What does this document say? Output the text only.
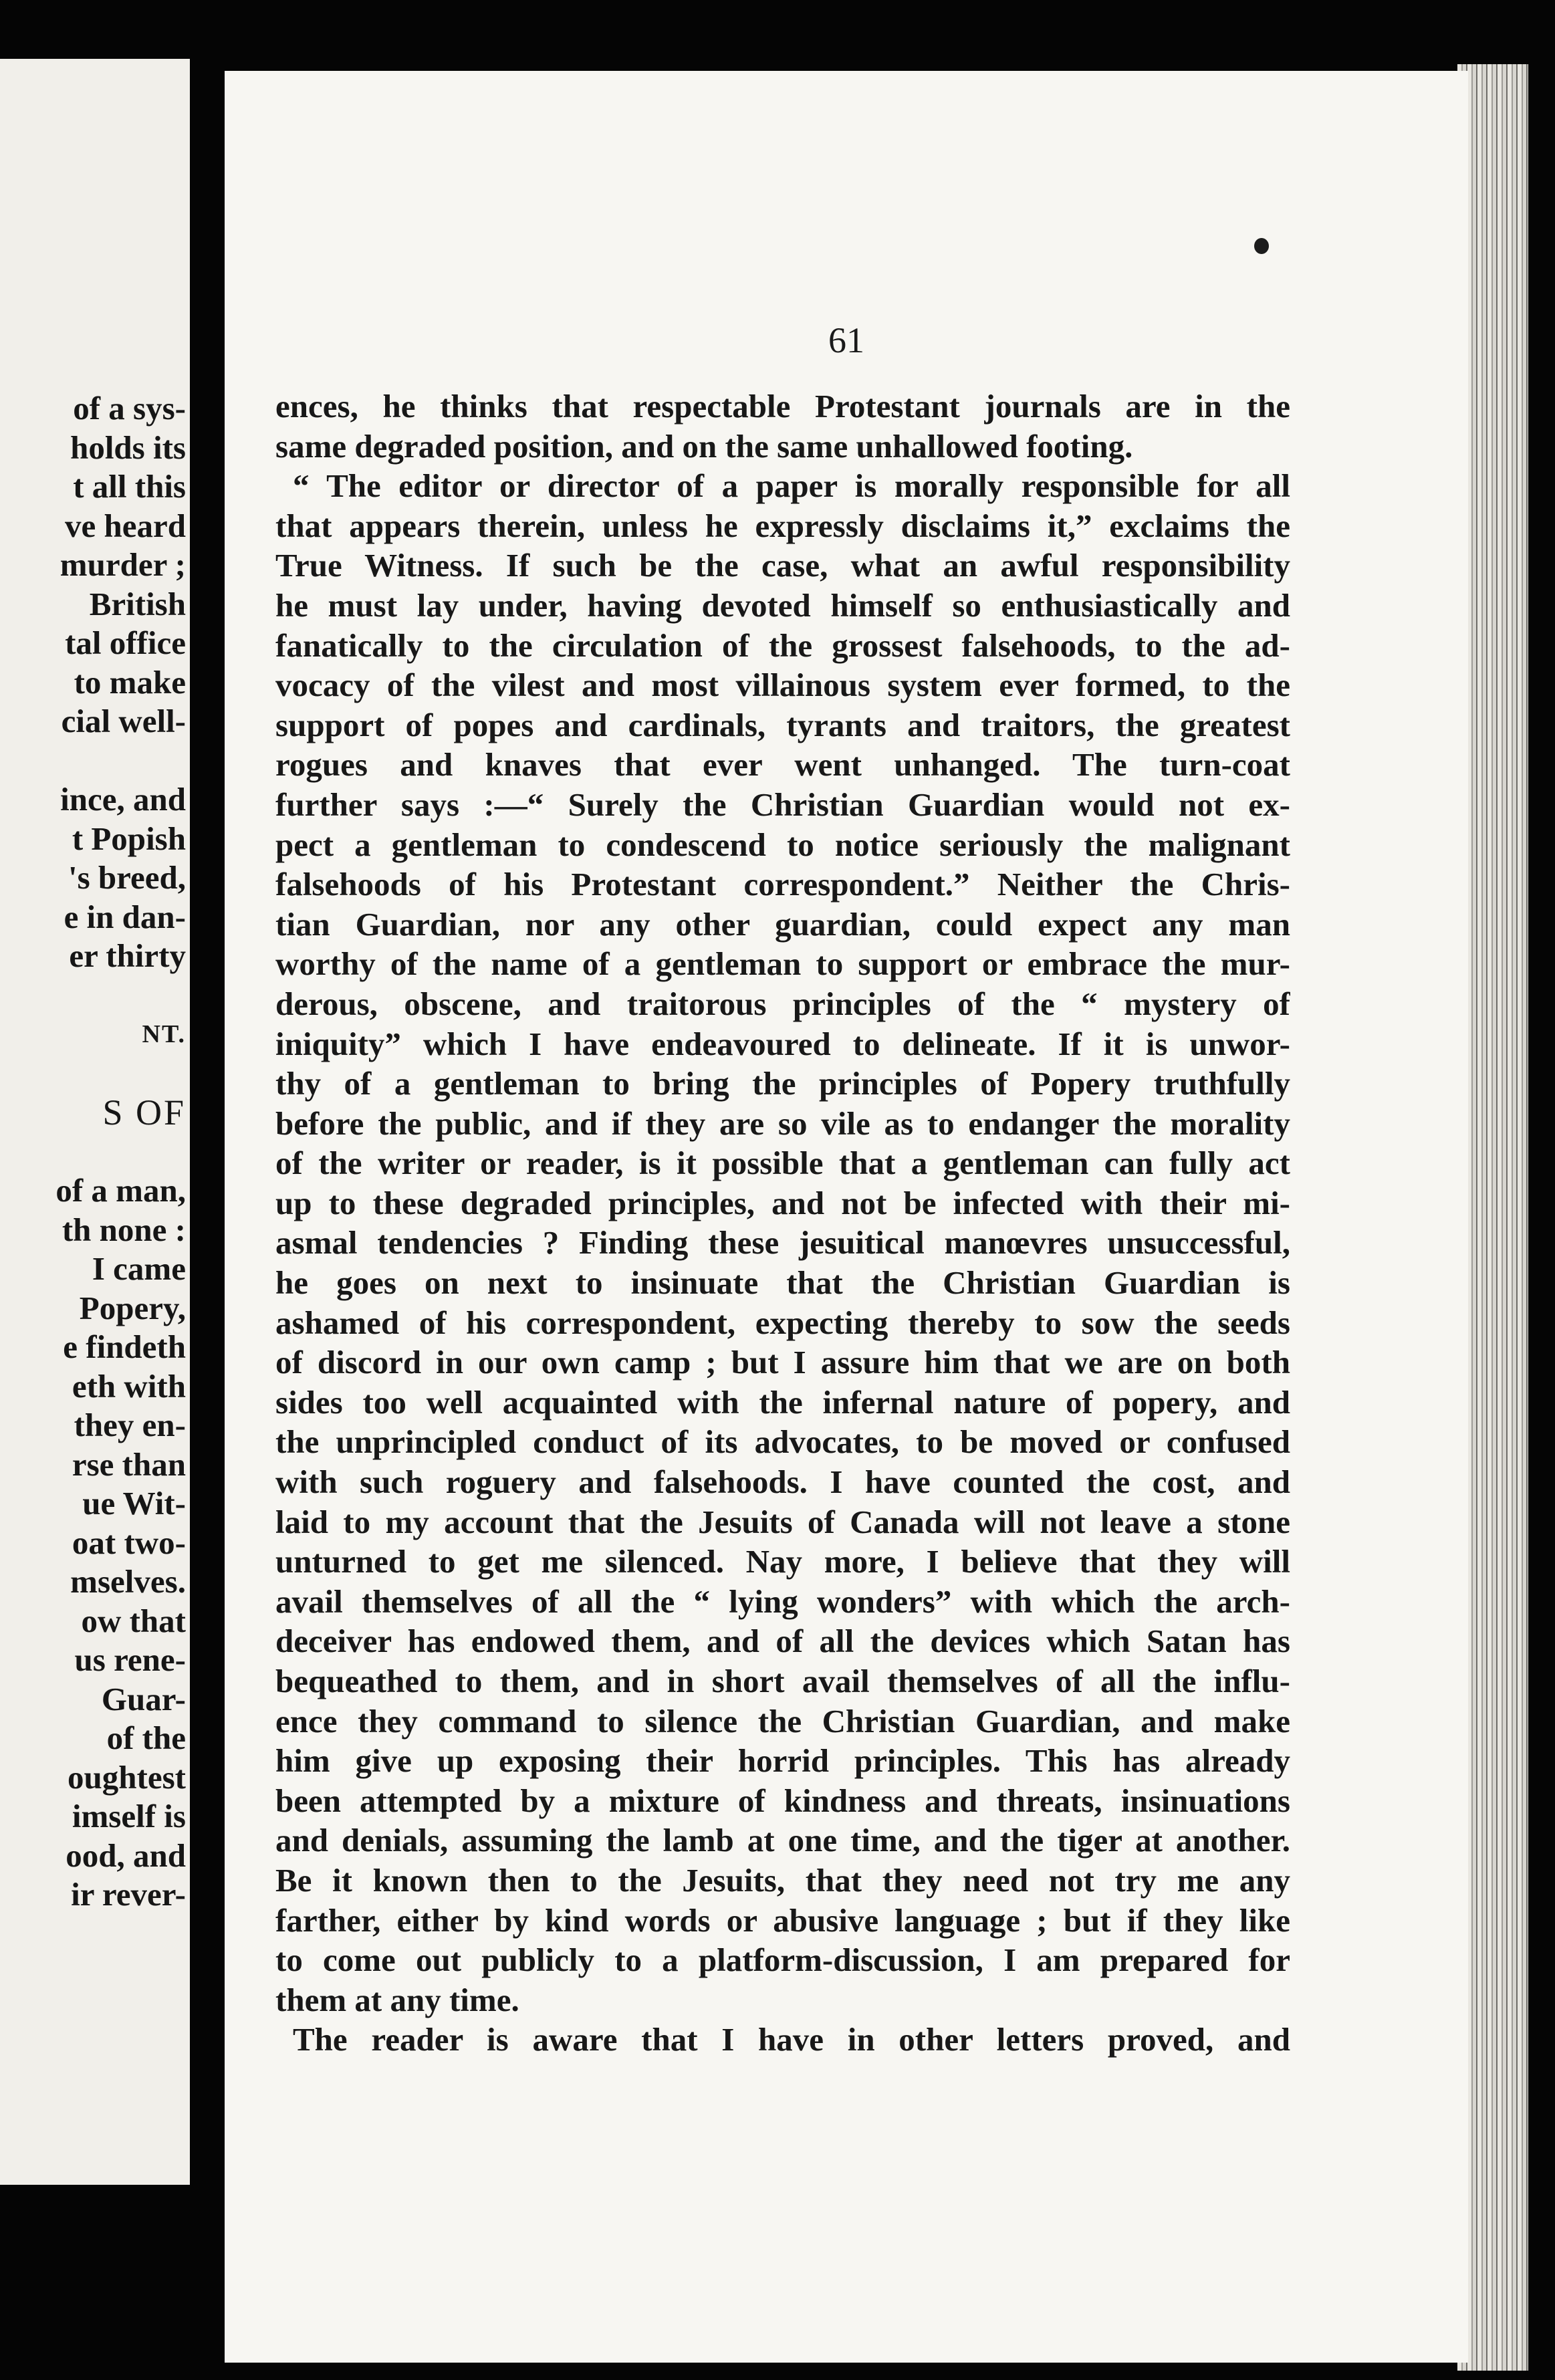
of a sys-
holds its
t all this
ve heard
murder ;
British
tal office
to make
cial well-
ince, and
t Popish
's breed,
e in dan-
er thirty
NT.
S OF
of a man,
th none :
I came
Popery,
e findeth
eth with
they en-
rse than
ue Wit-
oat two-
mselves.
ow that
us rene-
Guar-
of the
oughtest
imself is
ood, and
ir rever-
61
ences, he thinks that respectable Protestant journals are in the
same degraded position, and on the same unhallowed footing.
“ The editor or director of a paper is morally responsible for all
that appears therein, unless he expressly disclaims it,” exclaims the
True Witness. If such be the case, what an awful responsibility
he must lay under, having devoted himself so enthusiastically and
fanatically to the circulation of the grossest falsehoods, to the ad-
vocacy of the vilest and most villainous system ever formed, to the
support of popes and cardinals, tyrants and traitors, the greatest
rogues and knaves that ever went unhanged. The turn-coat
further says :—“ Surely the Christian Guardian would not ex-
pect a gentleman to condescend to notice seriously the malignant
falsehoods of his Protestant correspondent.” Neither the Chris-
tian Guardian, nor any other guardian, could expect any man
worthy of the name of a gentleman to support or embrace the mur-
derous, obscene, and traitorous principles of the “ mystery of
iniquity” which I have endeavoured to delineate. If it is unwor-
thy of a gentleman to bring the principles of Popery truthfully
before the public, and if they are so vile as to endanger the morality
of the writer or reader, is it possible that a gentleman can fully act
up to these degraded principles, and not be infected with their mi-
asmal tendencies ? Finding these jesuitical manœvres unsuccessful,
he goes on next to insinuate that the Christian Guardian is
ashamed of his correspondent, expecting thereby to sow the seeds
of discord in our own camp ; but I assure him that we are on both
sides too well acquainted with the infernal nature of popery, and
the unprincipled conduct of its advocates, to be moved or confused
with such roguery and falsehoods. I have counted the cost, and
laid to my account that the Jesuits of Canada will not leave a stone
unturned to get me silenced. Nay more, I believe that they will
avail themselves of all the “ lying wonders” with which the arch-
deceiver has endowed them, and of all the devices which Satan has
bequeathed to them, and in short avail themselves of all the influ-
ence they command to silence the Christian Guardian, and make
him give up exposing their horrid principles. This has already
been attempted by a mixture of kindness and threats, insinuations
and denials, assuming the lamb at one time, and the tiger at another.
Be it known then to the Jesuits, that they need not try me any
farther, either by kind words or abusive language ; but if they like
to come out publicly to a platform-discussion, I am prepared for
them at any time.
The reader is aware that I have in other letters proved, and
